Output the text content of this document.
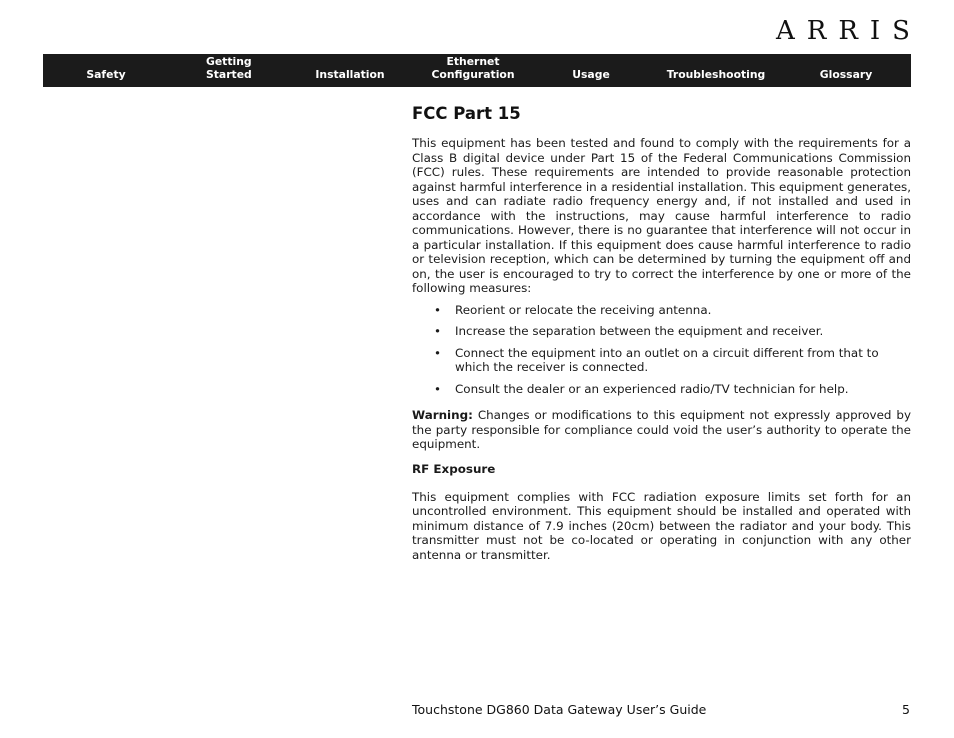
ARRIS
Safety
Getting
Started	Installation
Ethernet
Configuration	Usage	Troubleshooting	Glossary
FCC Part 15

This equipment has been tested and found to comply with the requirements for a Class B digital device under Part 15 of the Federal Communications Commission (FCC) rules. These requirements are intended to provide reasonable protection against harmful interference in a residential installation. This equipment generates, uses and can radiate radio frequency energy and, if not installed and used in accordance with the instructions, may cause harmful interference to radio communications. However, there is no guarantee that interference will not occur in a particular installation. If this equipment does cause harmful interference to radio or television reception, which can be determined by turning the equipment off and on, the user is encouraged to try to correct the interference by one or more of the following measures:

• Reorient or relocate the receiving antenna.
• Increase the separation between the equipment and receiver.
• Connect the equipment into an outlet on a circuit different from that to which the receiver is connected.
• Consult the dealer or an experienced radio/TV technician for help.

Warning: Changes or modifications to this equipment not expressly approved by the party responsible for compliance could void the user’s authority to operate the equipment.

RF Exposure

This equipment complies with FCC radiation exposure limits set forth for an uncontrolled environment. This equipment should be installed and operated with minimum distance of 7.9 inches (20cm) between the radiator and your body. This transmitter must not be co-located or operating in conjunction with any other antenna or transmitter.

Touchstone DG860 Data Gateway User’s Guide	5
